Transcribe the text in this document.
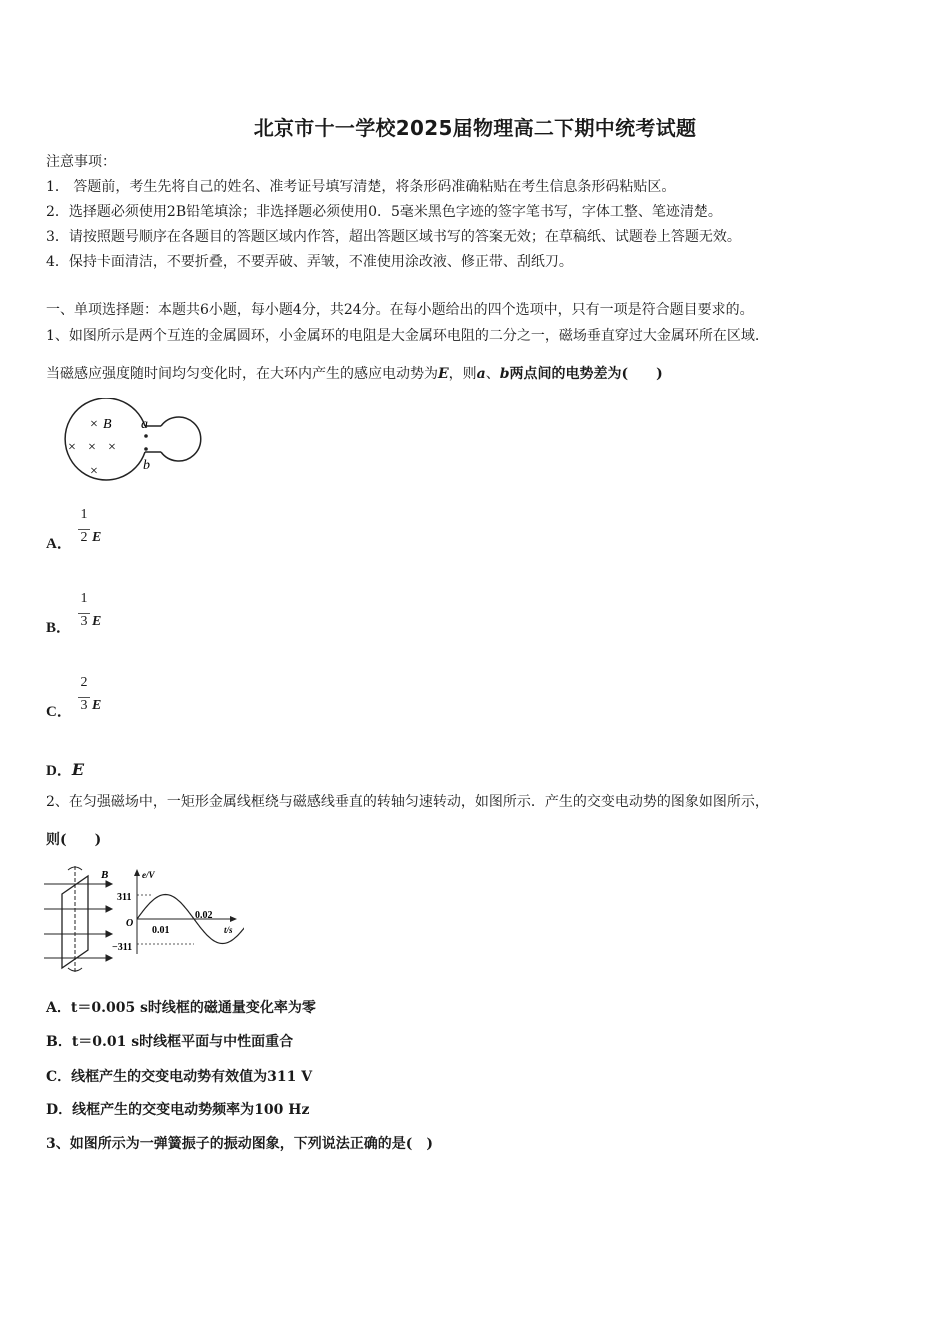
北京市十一学校2025届物理高二下期中统考试题
注意事项：
1． 答题前，考生先将自己的姓名、准考证号填写清楚，将条形码准确粘贴在考生信息条形码粘贴区。
2．选择题必须使用2B铅笔填涂；非选择题必须使用0．5毫米黑色字迹的签字笔书写，字体工整、笔迹清楚。
3．请按照题号顺序在各题目的答题区域内作答，超出答题区域书写的答案无效；在草稿纸、试题卷上答题无效。
4．保持卡面清洁，不要折叠，不要弄破、弄皱，不准使用涂改液、修正带、刮纸刀。
一、单项选择题：本题共6小题，每小题4分，共24分。在每小题给出的四个选项中，只有一项是符合题目要求的。
1、如图所示是两个互连的金属圆环，小金属环的电阻是大金属环电阻的二分之一，磁场垂直穿过大金属环所在区域.
当磁感应强度随时间均匀变化时，在大环内产生的感应电动势为E，则a、b两点间的电势差为(　　)
a
b
× B
× × ×
×
A．
1
2 E
B．
1
3 E
C．
2
3 E
D．E
2、在匀强磁场中，一矩形金属线框绕与磁感线垂直的转轴匀速转动，如图所示．产生的交变电动势的图象如图所示，
则(　　)
B	e/V
311
−311
O
0.01
0.02
t/s
A．t＝0.005 s时线框的磁通量变化率为零
B．t＝0.01 s时线框平面与中性面重合
C．线框产生的交变电动势有效值为311 V
D．线框产生的交变电动势频率为100 Hz
3、如图所示为一弹簧振子的振动图象，下列说法正确的是(　)
